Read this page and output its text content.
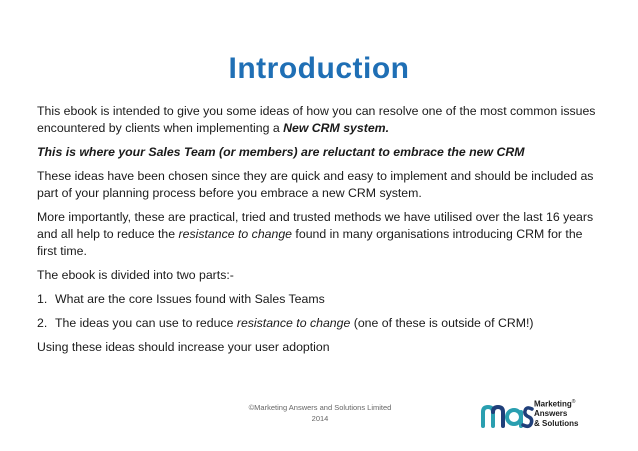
Introduction

This ebook is intended to give you some ideas of how you can resolve one of the most common issues encountered by clients when implementing a New CRM system.

This is where your Sales Team (or members) are reluctant to embrace the new CRM

These ideas have been chosen since they are quick and easy to implement and should be included as part of your planning process before you embrace a new CRM system.

More importantly, these are practical, tried and trusted methods we have utilised over the last 16 years and all help to reduce the resistance to change found in many organisations introducing CRM for the first time.

The ebook is divided into two parts:-

1. What are the core Issues found with Sales Teams

2. The ideas you can use to reduce resistance to change (one of these is outside of CRM!)

Using these ideas should increase your user adoption

©Marketing Answers and Solutions Limited
2014
Marketing®
Answers
& Solutions
